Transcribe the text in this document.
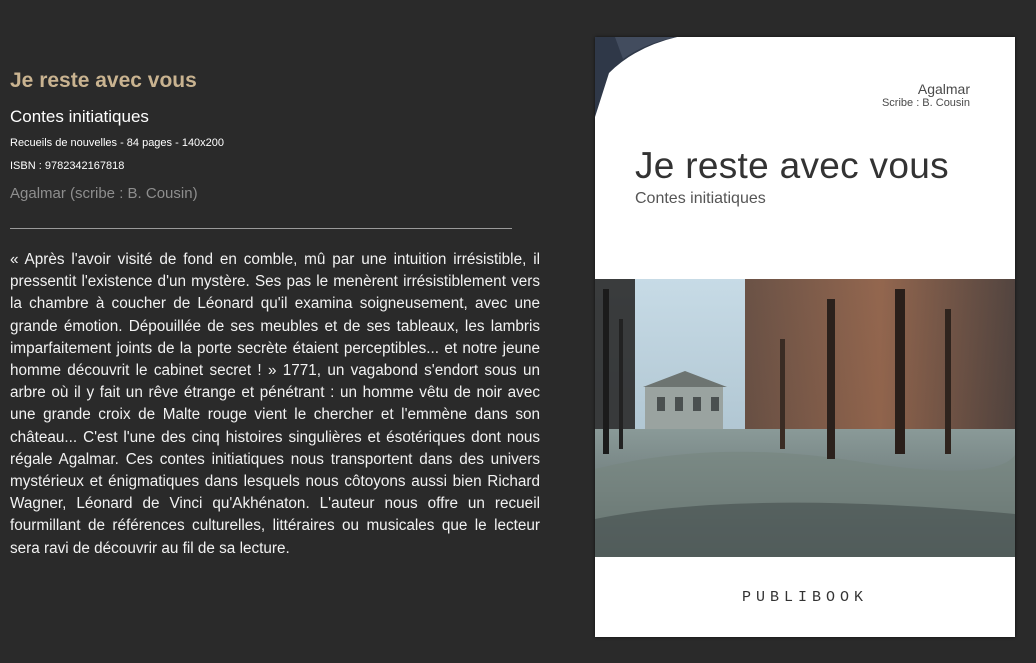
Je reste avec vous
Contes initiatiques
Recueils de nouvelles - 84 pages - 140x200
ISBN : 9782342167818
Agalmar (scribe : B. Cousin)
« Après l'avoir visité de fond en comble, mû par une intuition irrésistible, il pressentit l'existence d'un mystère. Ses pas le menèrent irrésistiblement vers la chambre à coucher de Léonard qu'il examina soigneusement, avec une grande émotion. Dépouillée de ses meubles et de ses tableaux, les lambris imparfaitement joints de la porte secrète étaient perceptibles... et notre jeune homme découvrit le cabinet secret ! » 1771, un vagabond s'endort sous un arbre où il y fait un rêve étrange et pénétrant : un homme vêtu de noir avec une grande croix de Malte rouge vient le chercher et l'emmène dans son château... C'est l'une des cinq histoires singulières et ésotériques dont nous régale Agalmar. Ces contes initiatiques nous transportent dans des univers mystérieux et énigmatiques dans lesquels nous côtoyons aussi bien Richard Wagner, Léonard de Vinci qu'Akhénaton. L'auteur nous offre un recueil fourmillant de références culturelles, littéraires ou musicales que le lecteur sera ravi de découvrir au fil de sa lecture.
Agalmar
Scribe : B. Cousin
Je reste avec vous
Contes initiatiques
PUBLIBOOK
